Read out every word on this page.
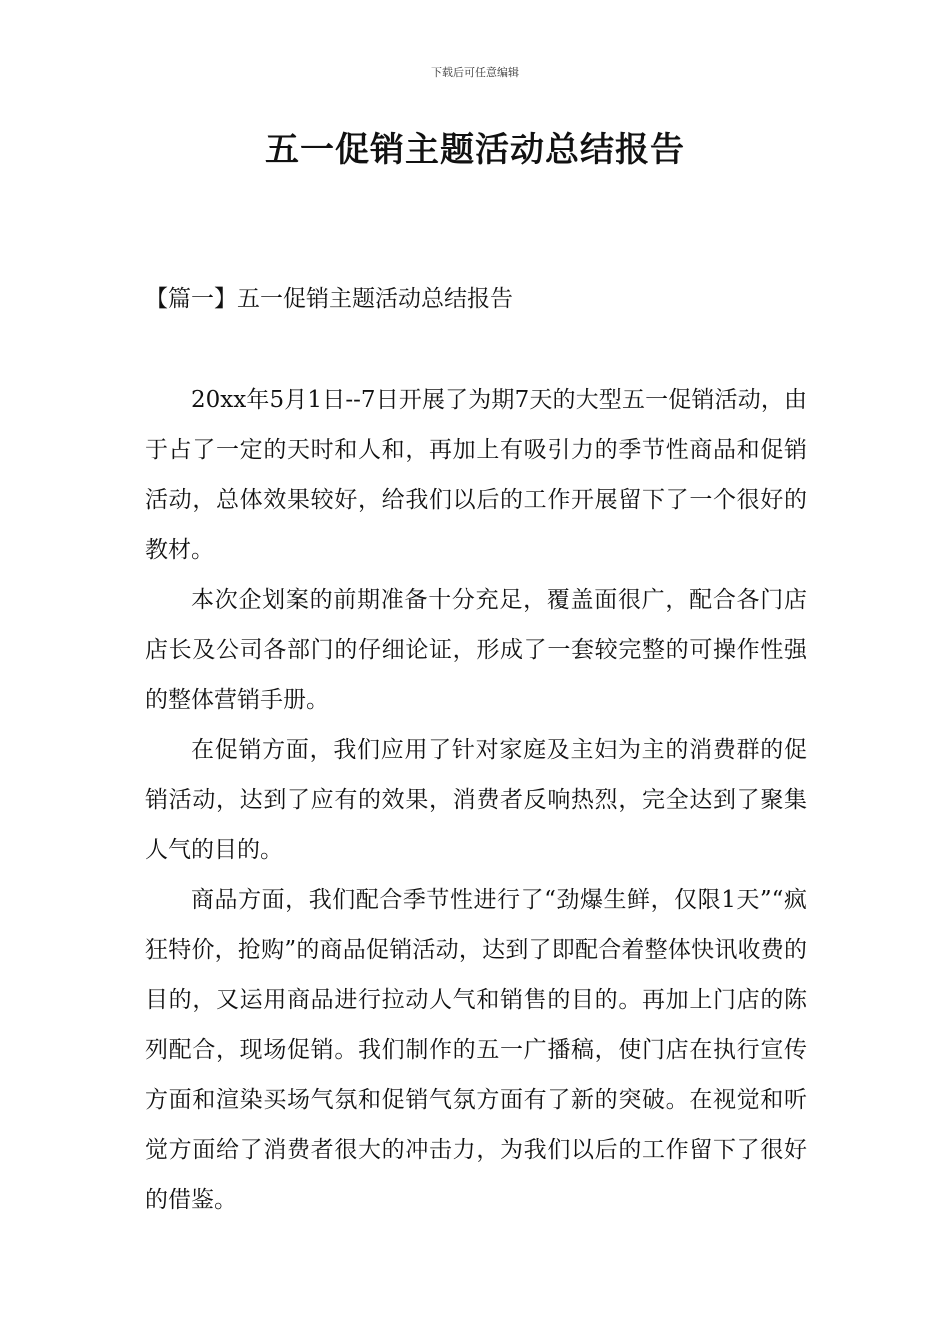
下载后可任意编辑
五一促销主题活动总结报告
【篇一】五一促销主题活动总结报告

20xx年5月1日--7日开展了为期7天的大型五一促销活动，由于占了一定的天时和人和，再加上有吸引力的季节性商品和促销活动，总体效果较好，给我们以后的工作开展留下了一个很好的教材。

本次企划案的前期准备十分充足，覆盖面很广，配合各门店店长及公司各部门的仔细论证，形成了一套较完整的可操作性强的整体营销手册。

在促销方面，我们应用了针对家庭及主妇为主的消费群的促销活动，达到了应有的效果，消费者反响热烈，完全达到了聚集人气的目的。

商品方面，我们配合季节性进行了“劲爆生鲜，仅限1天”“疯狂特价，抢购”的商品促销活动，达到了即配合着整体快讯收费的目的，又运用商品进行拉动人气和销售的目的。再加上门店的陈列配合，现场促销。我们制作的五一广播稿，使门店在执行宣传方面和渲染买场气氛和促销气氛方面有了新的突破。在视觉和听觉方面给了消费者很大的冲击力，为我们以后的工作留下了很好的借鉴。
